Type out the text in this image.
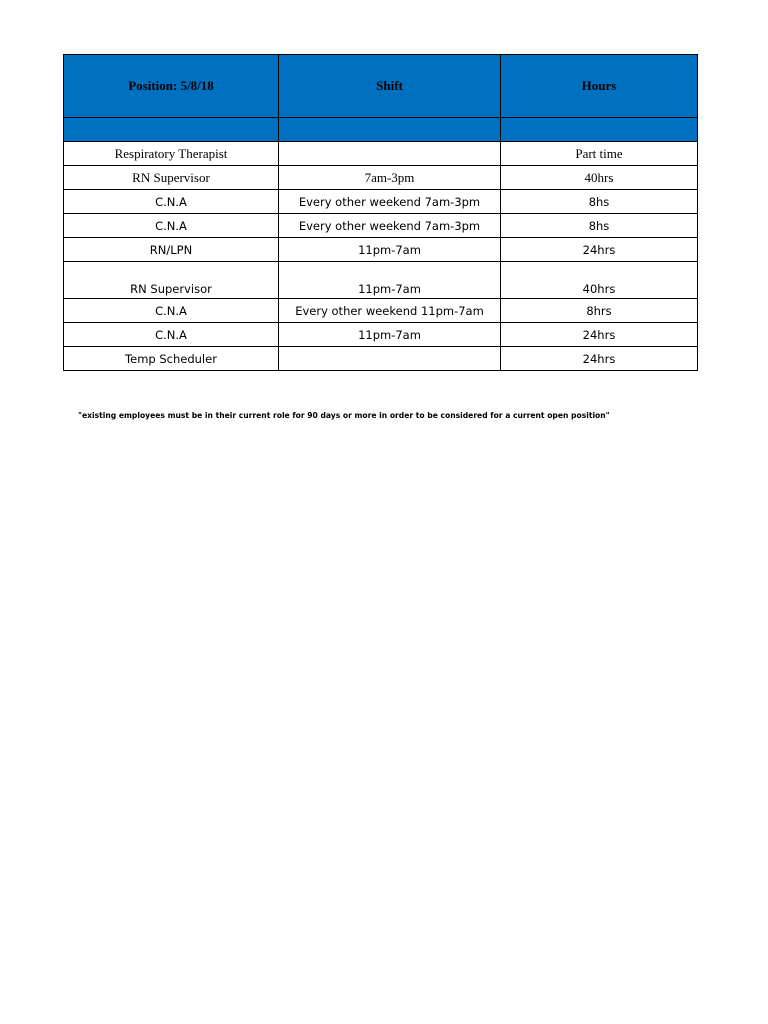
Position: 5/8/18	Shift	Hours

Respiratory Therapist		Part time
RN Supervisor	7am-3pm	40hrs
C.N.A	Every other weekend 7am-3pm	8hs
C.N.A	Every other weekend 7am-3pm	8hs
RN/LPN	11pm-7am	24hrs
RN Supervisor	11pm-7am	40hrs
C.N.A	Every other weekend 11pm-7am	8hrs
C.N.A	11pm-7am	24hrs
Temp Scheduler		24hrs
"existing employees must be in their current role for 90 days or more in order to be considered for a current open position"
